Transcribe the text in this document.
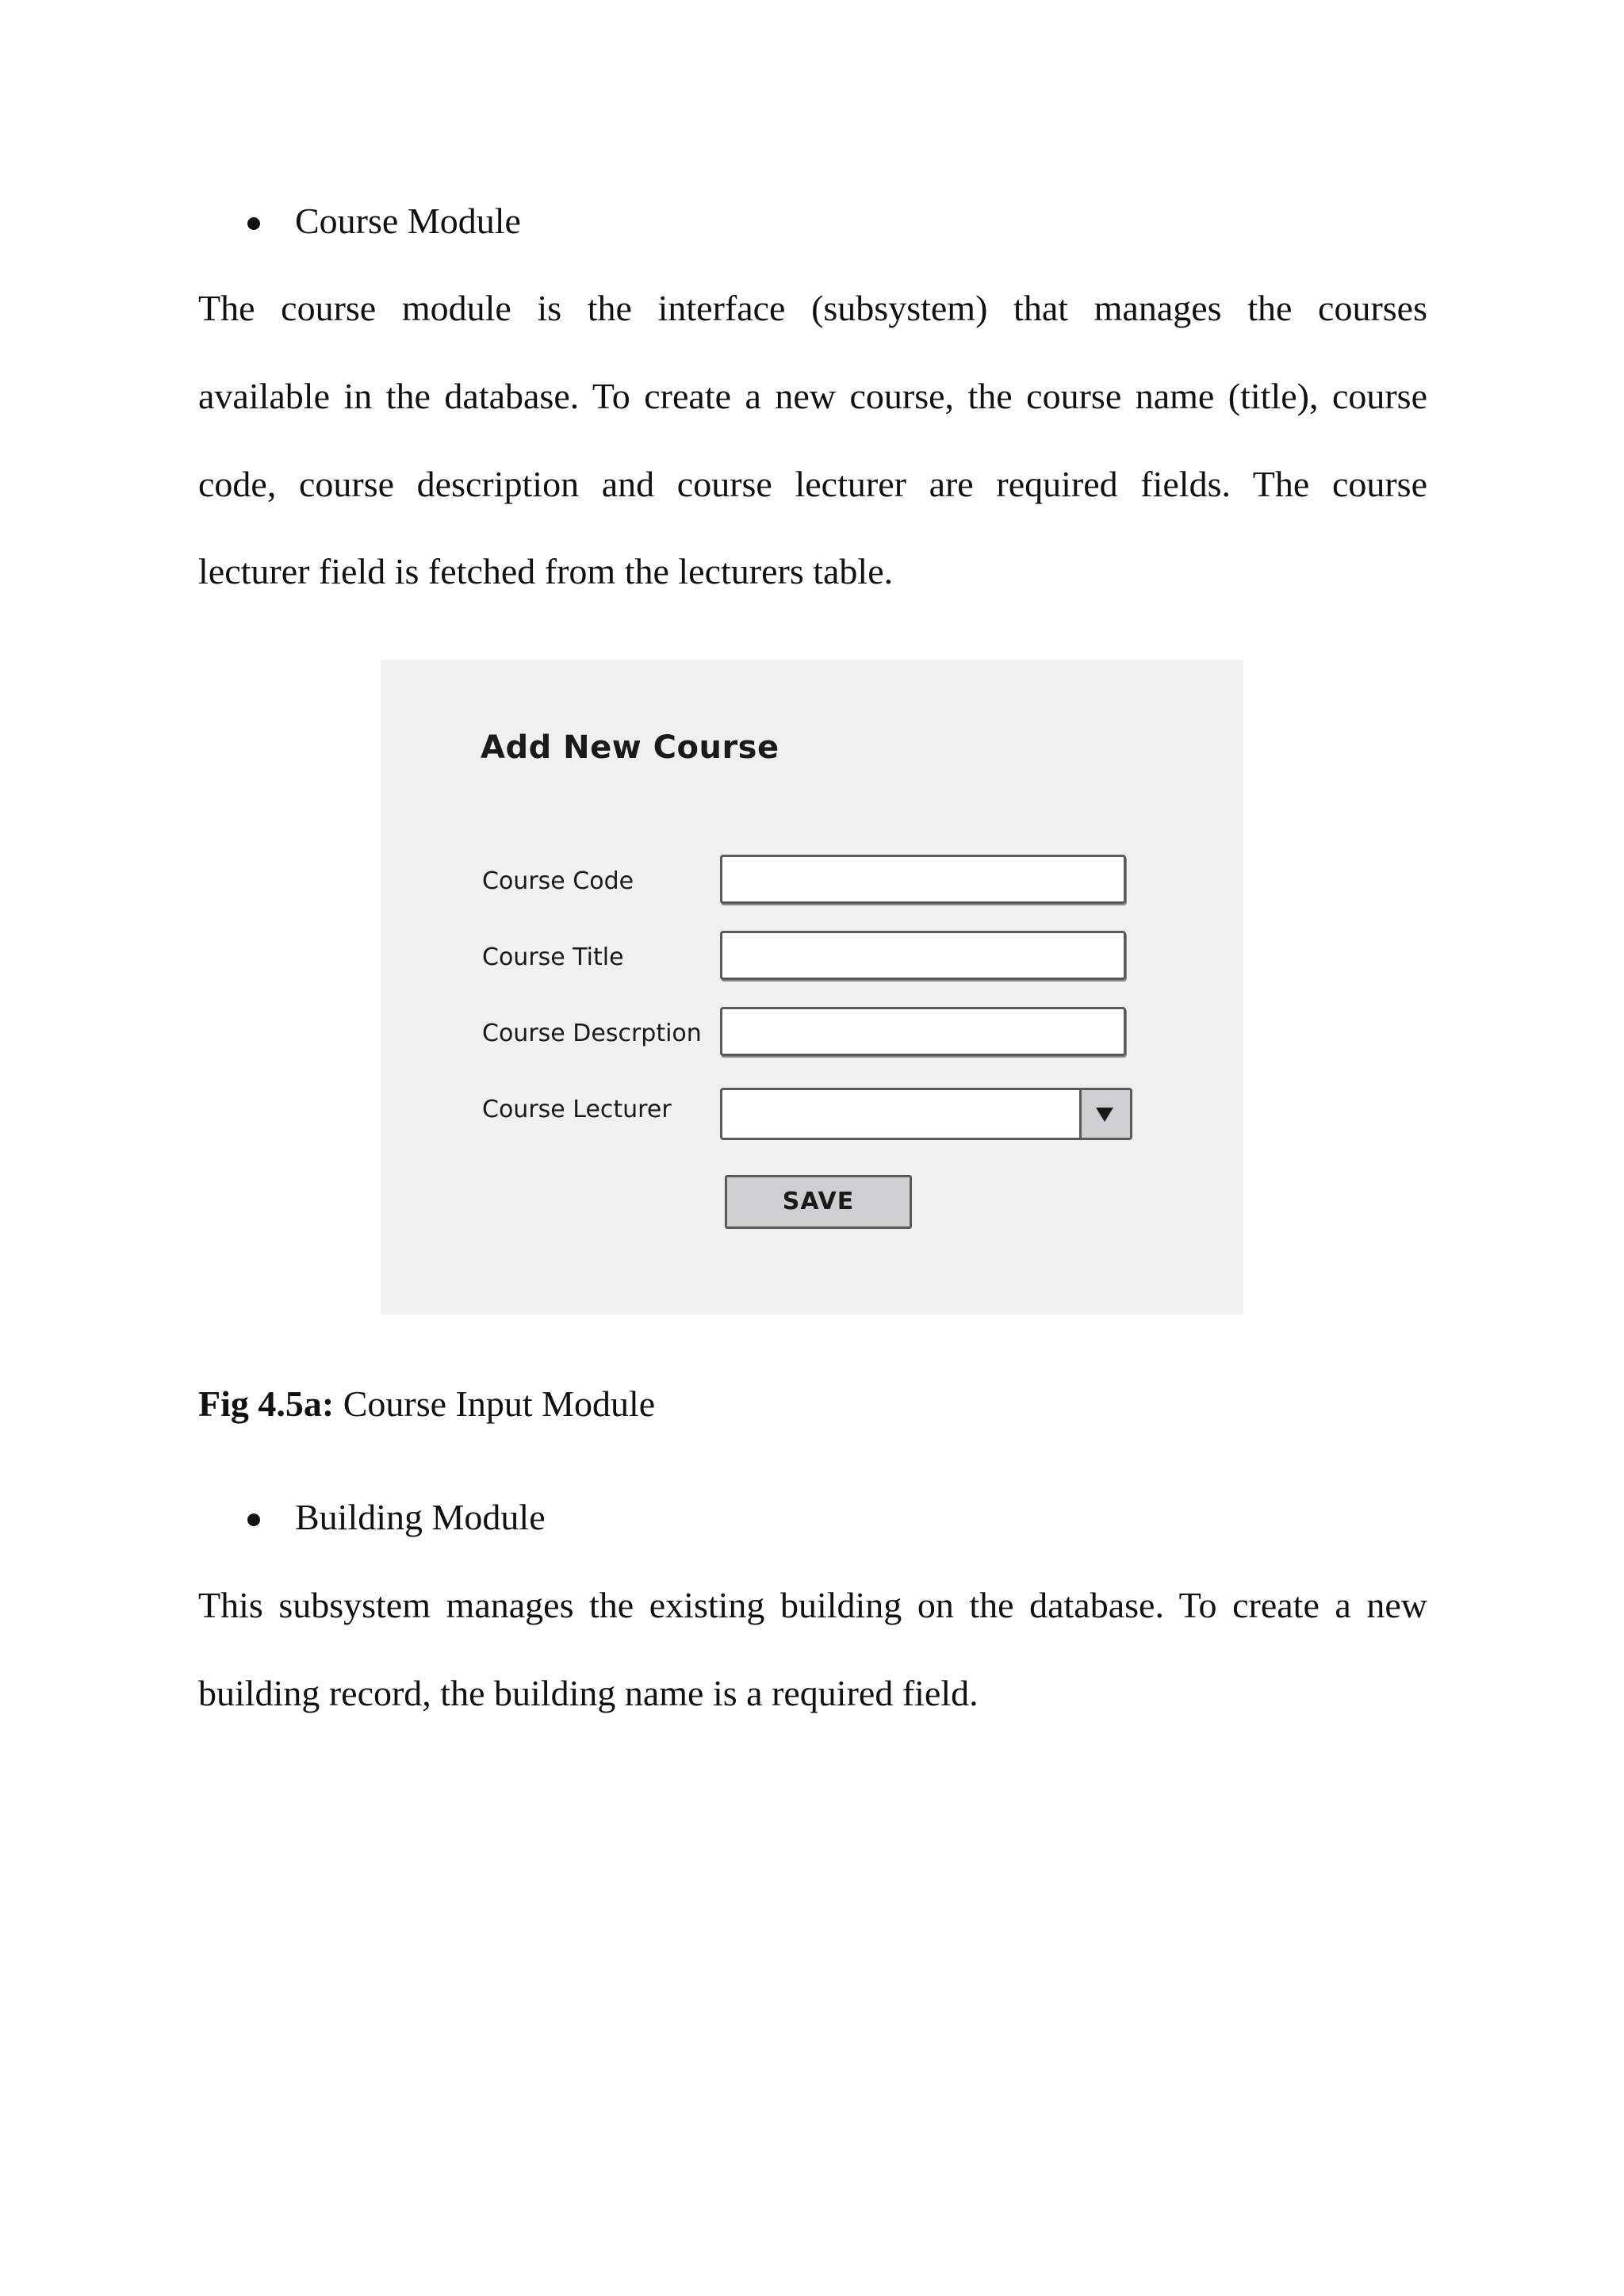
Course Module
The course module is the interface (subsystem) that manages the courses
available in the database. To create a new course, the course name (title), course
code, course description and course lecturer are required fields. The course
lecturer field is fetched from the lecturers table.
Add New Course
Course Code
Course Title
Course Descrption
Course Lecturer
SAVE
Fig 4.5a: Course Input Module
Building Module
This subsystem manages the existing building on the database. To create a new
building record, the building name is a required field.
